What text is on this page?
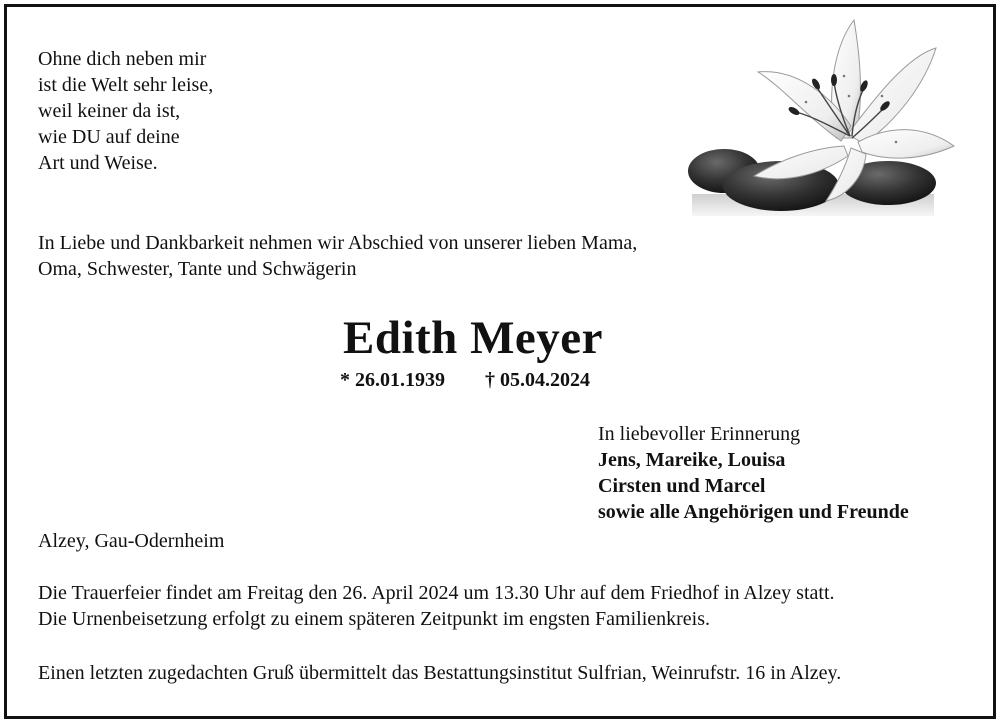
Ohne dich neben mir
ist die Welt sehr leise,
weil keiner da ist,
wie DU auf deine
Art und Weise.
In Liebe und Dankbarkeit nehmen wir Abschied von unserer lieben Mama,
Oma, Schwester, Tante und Schwägerin
Edith Meyer
* 26.01.1939 † 05.04.2024
In liebevoller Erinnerung
Jens, Mareike, Louisa
Cirsten und Marcel
sowie alle Angehörigen und Freunde
Alzey, Gau-Odernheim
Die Trauerfeier findet am Freitag den 26. April 2024 um 13.30 Uhr auf dem Friedhof in Alzey statt.
Die Urnenbeisetzung erfolgt zu einem späteren Zeitpunkt im engsten Familienkreis.
Einen letzten zugedachten Gruß übermittelt das Bestattungsinstitut Sulfrian, Weinrufstr. 16 in Alzey.
